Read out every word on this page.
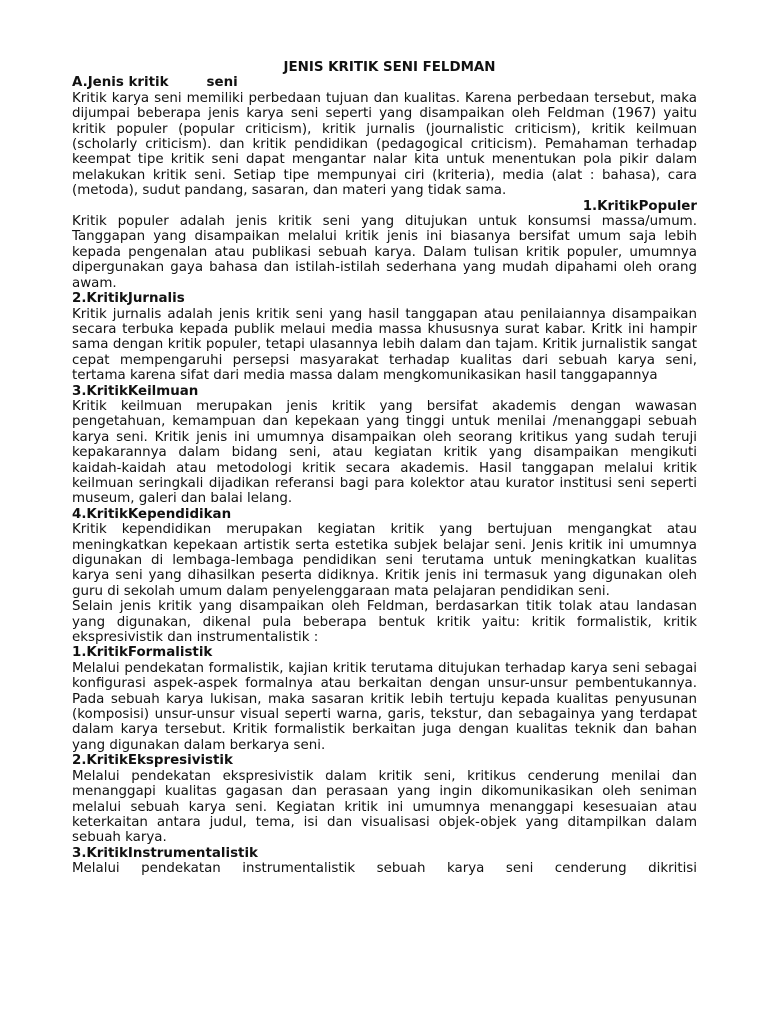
JENIS KRITIK SENI FELDMAN
A.Jenis kritik	seni

Kritik karya seni memiliki perbedaan tujuan dan kualitas. Karena perbedaan tersebut, maka dijumpai beberapa jenis karya seni seperti yang disampaikan oleh Feldman (1967) yaitu kritik populer (popular criticism), kritik jurnalis (journalistic criticism), kritik keilmuan (scholarly criticism). dan kritik pendidikan (pedagogical criticism). Pemahaman terhadap keempat tipe kritik seni dapat mengantar nalar kita untuk menentukan pola pikir dalam melakukan kritik seni. Setiap tipe mempunyai ciri (kriteria), media (alat : bahasa), cara (metoda), sudut pandang, sasaran, dan materi yang tidak sama.

1.KritikPopuler

Kritik populer adalah jenis kritik seni yang ditujukan untuk konsumsi massa/umum. Tanggapan yang disampaikan melalui kritik jenis ini biasanya bersifat umum saja lebih kepada pengenalan atau publikasi sebuah karya. Dalam tulisan kritik populer, umumnya dipergunakan gaya bahasa dan istilah-istilah sederhana yang mudah dipahami oleh orang awam.

2.KritikJurnalis

Kritik jurnalis adalah jenis kritik seni yang hasil tanggapan atau penilaiannya disampaikan secara terbuka kepada publik melaui media massa khususnya surat kabar. Kritk ini hampir sama dengan kritik populer, tetapi ulasannya lebih dalam dan tajam. Kritik jurnalistik sangat cepat mempengaruhi persepsi masyarakat terhadap kualitas dari sebuah karya seni, tertama karena sifat dari media massa dalam mengkomunikasikan hasil tanggapannya

3.KritikKeilmuan

Kritik keilmuan merupakan jenis kritik yang bersifat akademis dengan wawasan pengetahuan, kemampuan dan kepekaan yang tinggi untuk menilai /menanggapi sebuah karya seni. Kritik jenis ini umumnya disampaikan oleh seorang kritikus yang sudah teruji kepakarannya dalam bidang seni, atau kegiatan kritik yang disampaikan mengikuti

kaidah-kaidah atau metodologi kritik secara akademis. Hasil tanggapan melalui kritik keilmuan seringkali dijadikan referansi bagi para kolektor atau kurator institusi seni seperti museum, galeri dan balai lelang.

4.KritikKependidikan

Kritik kependidikan merupakan kegiatan kritik yang bertujuan mengangkat atau meningkatkan kepekaan artistik serta estetika subjek belajar seni. Jenis kritik ini umumnya digunakan di lembaga-lembaga pendidikan seni terutama untuk meningkatkan kualitas karya seni yang dihasilkan peserta didiknya. Kritik jenis ini termasuk yang digunakan oleh guru di sekolah umum dalam penyelenggaraan mata pelajaran pendidikan seni.

Selain jenis kritik yang disampaikan oleh Feldman, berdasarkan titik tolak atau landasan yang digunakan, dikenal pula beberapa bentuk kritik yaitu: kritik formalistik, kritik ekspresivistik dan instrumentalistik :

1.KritikFormalistik

Melalui pendekatan formalistik, kajian kritik terutama ditujukan terhadap karya seni sebagai konfigurasi aspek-aspek formalnya atau berkaitan dengan unsur-unsur pembentukannya. Pada sebuah karya lukisan, maka sasaran kritik lebih tertuju kepada kualitas penyusunan (komposisi) unsur-unsur visual seperti warna, garis, tekstur, dan sebagainya yang terdapat dalam karya tersebut. Kritik formalistik berkaitan juga dengan kualitas teknik dan bahan yang digunakan dalam berkarya seni.

2.KritikEkspresivistik

Melalui pendekatan ekspresivistik dalam kritik seni, kritikus cenderung menilai dan menanggapi kualitas gagasan dan perasaan yang ingin dikomunikasikan oleh seniman melalui sebuah karya seni. Kegiatan kritik ini umumnya menanggapi kesesuaian atau keterkaitan antara judul, tema, isi dan visualisasi objek-objek yang ditampilkan dalam sebuah karya.

3.KritikInstrumentalistik

Melalui pendekatan instrumentalistik sebuah karya seni cenderung dikritisi
